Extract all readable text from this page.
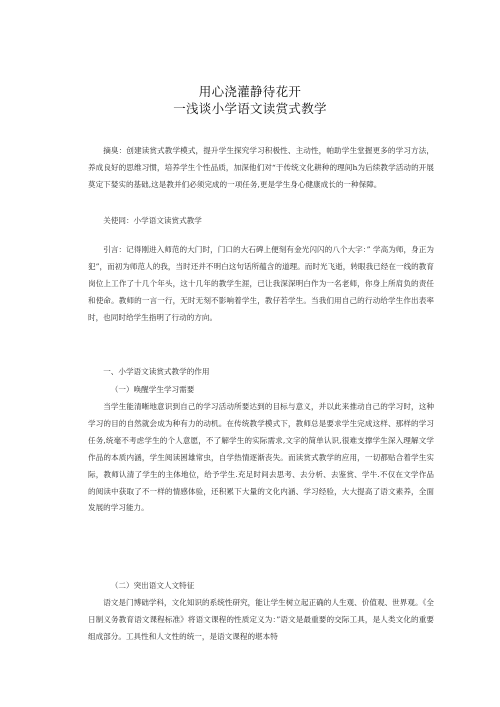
用心浇灌静待花开
一浅谈小学语文读赏式教学

摘臭：创建读赏式教学模式，提升学生探究学习积极性、主动性，帕助学生堂握更多的学习方法，养成良好的思维习惯，培养学生个性品质，加深他们对“于传统文化耕种的理间h为后续教学活动的开展莫定下婪实的基础,这是教并们必须完成的一项任务,更是学生身心健康成长的一种保障。

关使同：小学语文读赏式教学

引言：记得刚进入师范的大门时，门口的大石碑上便刻有金光闪闪的八个大字：” 学高为师，身正为犯”，而初为师范人的我，当时还并不明白这句话所蕴含的道理。而时光飞逝，转眼我已经在一线的教育岗位上工作了十几个年头，这十几年的教学生涯，已让我深深明白作为一名老师，你身上所肩负的责任和使命。教师的一言一行，无时无刻不影响着学生，教仔若学生。当我们用自己的行动给学生作出表率时，也同时给学生指明了行动的方向。

一、小学语文读赏式教学的作用

（一）唤醒学生学习需要

当学生能清晰地意识到自己的学习活动所要达到的目标与意义，并以此来推动自己的学习时，这种学习的目的自然就会成为种有力的动机。在传统教学模式下，教师总是要求学生完成这样、那样的学习任务,统毫不考虑学生的个人意愿，不了解学生的实际需求,文字的简单认识,很难支撑学生深入理解文学作品的本质内涵，学生阅读困雄常虫，自学热情逐渐丧失。而读赏式教学的应用，一切都贴合着学生实际，教师认清了学生的主体地位，给予学生.充足时间去思考、去分析、去鉴赏、学牛.不仅在文学作品的阅读中获取了不一样的情感体验，还积累下大量的文化内涵、学习经验，大大提高了语文素养，全面发展的学习能力。

（二）突出语文人文特征

语文是门博础学科，文化知识的系统性研究，能让学生树立起正确的人生观、价值观、世界观。《全日制义务教育语文课程标准》将语文课程的性质定义为：”语文是最重要的交际工具，是人类文化的重要组成部分。工具性和人文性的统一，是语文课程的堪本特
